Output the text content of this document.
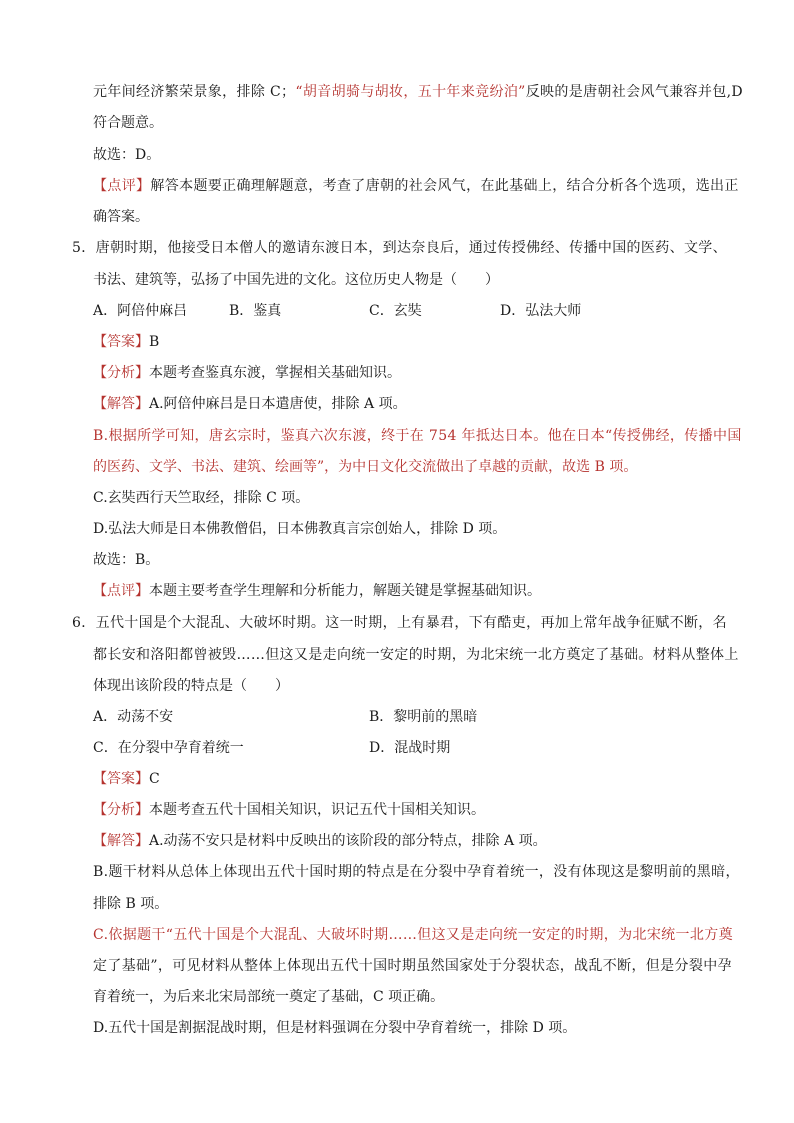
元年间经济繁荣景象，排除 C；“胡音胡骑与胡妆，五十年来竞纷泊”反映的是唐朝社会风气兼容并包,D
符合题意。
故选：D。
【点评】解答本题要正确理解题意，考查了唐朝的社会风气，在此基础上，结合分析各个选项，选出正
确答案。
5．唐朝时期，他接受日本僧人的邀请东渡日本，到达奈良后，通过传授佛经、传播中国的医药、文学、
书法、建筑等，弘扬了中国先进的文化。这位历史人物是（　　）
A．阿倍仲麻吕	B．鉴真	C．玄奘	D．弘法大师
【答案】B
【分析】本题考查鉴真东渡，掌握相关基础知识。
【解答】A.阿倍仲麻吕是日本遣唐使，排除 A 项。
B.根据所学可知，唐玄宗时，鉴真六次东渡，终于在 754 年抵达日本。他在日本“传授佛经，传播中国
的医药、文学、书法、建筑、绘画等”，为中日文化交流做出了卓越的贡献，故选 B 项。
C.玄奘西行天竺取经，排除 C 项。
D.弘法大师是日本佛教僧侣，日本佛教真言宗创始人，排除 D 项。
故选：B。
【点评】本题主要考查学生理解和分析能力，解题关键是掌握基础知识。
6．五代十国是个大混乱、大破坏时期。这一时期，上有暴君，下有酷吏，再加上常年战争征赋不断，名
都长安和洛阳都曾被毁……但这又是走向统一安定的时期，为北宋统一北方奠定了基础。材料从整体上
体现出该阶段的特点是（　　）
A．动荡不安	B．黎明前的黑暗
C．在分裂中孕育着统一	D．混战时期
【答案】C
【分析】本题考查五代十国相关知识，识记五代十国相关知识。
【解答】A.动荡不安只是材料中反映出的该阶段的部分特点，排除 A 项。
B.题干材料从总体上体现出五代十国时期的特点是在分裂中孕育着统一，没有体现这是黎明前的黑暗，
排除 B 项。
C.依据题干“五代十国是个大混乱、大破坏时期……但这又是走向统一安定的时期，为北宋统一北方奠
定了基础”，可见材料从整体上体现出五代十国时期虽然国家处于分裂状态，战乱不断，但是分裂中孕
育着统一，为后来北宋局部统一奠定了基础，C 项正确。
D.五代十国是割据混战时期，但是材料强调在分裂中孕育着统一，排除 D 项。
